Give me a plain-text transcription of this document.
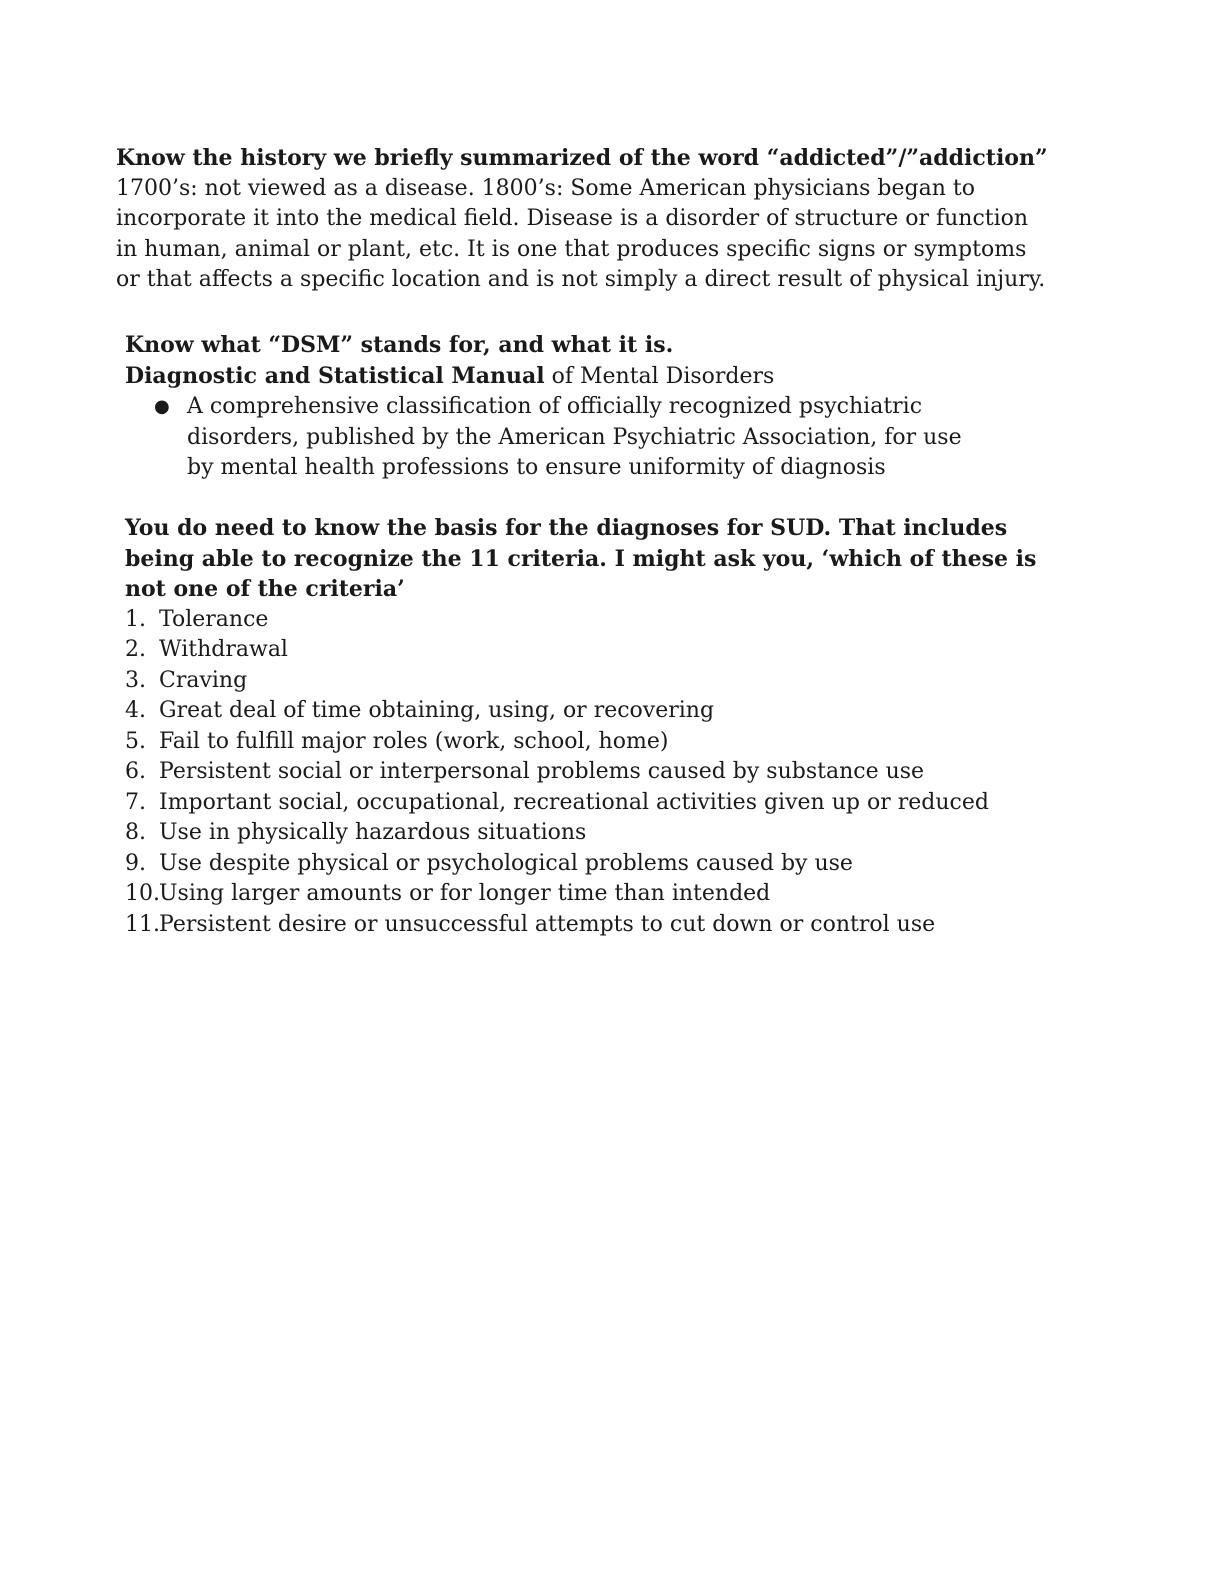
Know the history we briefly summarized of the word “addicted”/”addiction”

1700’s: not viewed as a disease. 1800’s: Some American physicians began to incorporate it into the medical field. Disease is a disorder of structure or function in human, animal or plant, etc. It is one that produces specific signs or symptoms or that affects a specific location and is not simply a direct result of physical injury.

Know what “DSM” stands for, and what it is.

Diagnostic and Statistical Manual of Mental Disorders

● A comprehensive classification of officially recognized psychiatric disorders, published by the American Psychiatric Association, for use by mental health professions to ensure uniformity of diagnosis

You do need to know the basis for the diagnoses for SUD. That includes being able to recognize the 11 criteria. I might ask you, ‘which of these is not one of the criteria’

1. Tolerance
2. Withdrawal
3. Craving
4. Great deal of time obtaining, using, or recovering
5. Fail to fulfill major roles (work, school, home)
6. Persistent social or interpersonal problems caused by substance use
7. Important social, occupational, recreational activities given up or reduced
8. Use in physically hazardous situations
9. Use despite physical or psychological problems caused by use
10. Using larger amounts or for longer time than intended
11. Persistent desire or unsuccessful attempts to cut down or control use
